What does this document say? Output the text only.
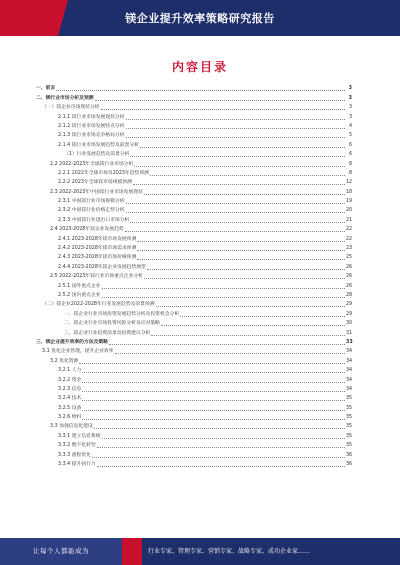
镁企业提升效率策略研究报告
内容目录
一、前言	3
二、镁行业市场分析及预测	3
（一）镁企业市场现状分析	3
2.1.1 镁行业市场发展现状分析	3
2.1.2 镁行业市场发展特点分析	4
2.1.3 镁行业市场竞争格局分析	5
2.1.4 镁行业市场发展趋势及前景分析	6
（1）行业发展趋势及前景分析	6
2.2 2022-2023年全球镁行业市场分析	8
2.2.1 2022年全球市场及2023年趋势预测	8
2.2.2 2023年全球镁市场规模预测	12
2.3 2022-2023年中国镁行业市场发展现状	18
2.3.1 中国镁行业市场规模分析	19
2.3.2 中国镁行业价格走势分析	20
2.3.3 中国镁行业进出口市场分析	21
2.4 2023-2028年镁企业发展趋势	22
2.4.1 2023-2028年镁市场发展预测	22
2.4.2 2023-2028年镁市场需求预测	23
2.4.3 2023-2028年镁市场价格预测	25
2.4.4 2023-2028年镁企业发展趋势展望	26
2.5 2022-2023年镁行业市场重点企业分析	26
2.5.1 国外重点企业	26
2.5.2 国内重点企业	28
（二）镁企业2022-2028年行业发展趋势及前景预测	29
一、镁企业行业市场投资发展趋势分析及投资机会分析	29
二、镁企业行业市场投资风险分析及应对策略	30
三、镁企业行业投资前景及投资建议分析	31
三、镁企业提升效率的方法及策略	33
3.1 优化企业管理，提升企业效率	34
3.2 优化资源	34
3.2.1 人力	34
3.2.2 资金	34
3.2.3 信息	34
3.2.4 技术	35
3.2.5 设备	35
3.2.6 物料	35
3.3 加强信息化建设	35
3.3.1 建立信息系统	35
3.3.2 数字化转型	35
3.3.3 流程优化	36
3.3.4 提升执行力	36
让每个人都能成为	行业专家、管理专家、营销专家、战略专家、成功企业家……
